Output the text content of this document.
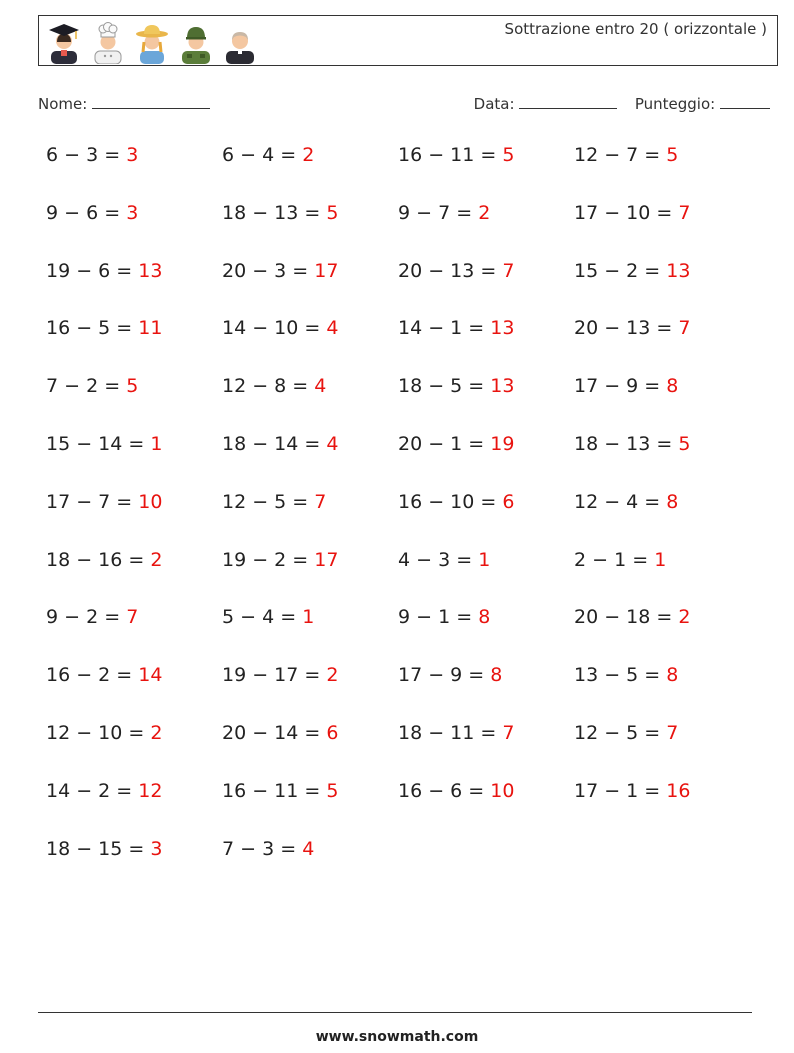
Sottrazione entro 20 ( orizzontale )
Nome:	Data:	Punteggio:
6 − 3 = 3	6 − 4 = 2	16 − 11 = 5	12 − 7 = 5
9 − 6 = 3	18 − 13 = 5	9 − 7 = 2	17 − 10 = 7
19 − 6 = 13	20 − 3 = 17	20 − 13 = 7	15 − 2 = 13
16 − 5 = 11	14 − 10 = 4	14 − 1 = 13	20 − 13 = 7
7 − 2 = 5	12 − 8 = 4	18 − 5 = 13	17 − 9 = 8
15 − 14 = 1	18 − 14 = 4	20 − 1 = 19	18 − 13 = 5
17 − 7 = 10	12 − 5 = 7	16 − 10 = 6	12 − 4 = 8
18 − 16 = 2	19 − 2 = 17	4 − 3 = 1	2 − 1 = 1
9 − 2 = 7	5 − 4 = 1	9 − 1 = 8	20 − 18 = 2
16 − 2 = 14	19 − 17 = 2	17 − 9 = 8	13 − 5 = 8
12 − 10 = 2	20 − 14 = 6	18 − 11 = 7	12 − 5 = 7
14 − 2 = 12	16 − 11 = 5	16 − 6 = 10	17 − 1 = 16
18 − 15 = 3	7 − 3 = 4
www.snowmath.com
